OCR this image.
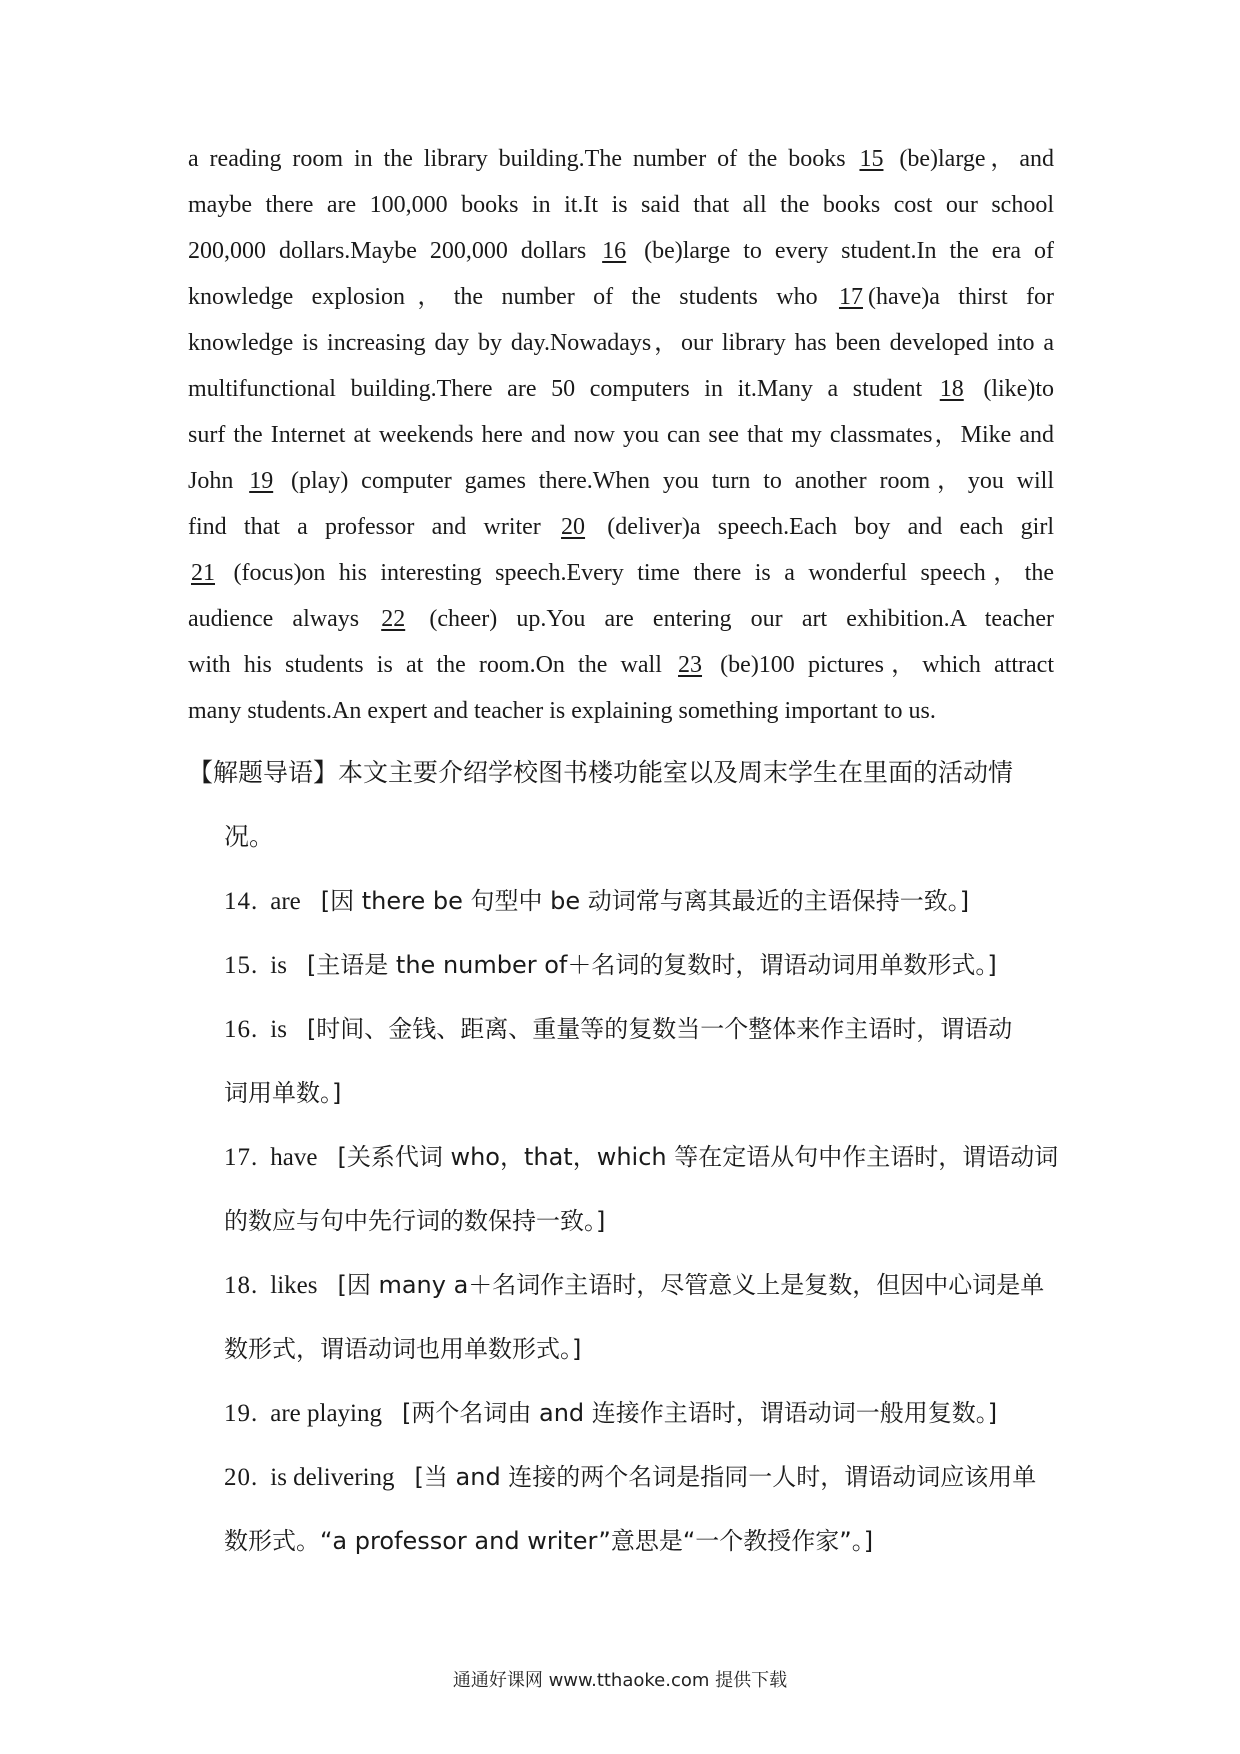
a reading room in the library building.The number of the books 15 (be)large，and
maybe there are 100,000 books in it.It is said that all the books cost our school
200,000 dollars.Maybe 200,000 dollars 16 (be)large to every student.In the era of
knowledge explosion，the number of the students who 17 (have)a thirst for
knowledge is increasing day by day.Nowadays，our library has been developed into a
multifunctional building.There are 50 computers in it.Many a student 18 (like)to
surf the Internet at weekends here and now you can see that my classmates，Mike and
John 19 (play) computer games there.When you turn to another room，you will
find that a professor and writer 20 (deliver)a speech.Each boy and each girl
21 (focus)on his interesting speech.Every time there is a wonderful speech，the
audience always 22 (cheer) up.You are entering our art exhibition.A teacher
with his students is at the room.On the wall 23 (be)100 pictures，which attract
many students.An expert and teacher is explaining something important to us.
【解题导语】本文主要介绍学校图书楼功能室以及周末学生在里面的活动情
况。
14. are [因 there be 句型中 be 动词常与离其最近的主语保持一致。]
15. is [主语是 the number of＋名词的复数时，谓语动词用单数形式。]
16. is [时间、金钱、距离、重量等的复数当一个整体来作主语时，谓语动
词用单数。]
17. have [关系代词 who，that，which 等在定语从句中作主语时，谓语动词
的数应与句中先行词的数保持一致。]
18. likes [因 many a＋名词作主语时，尽管意义上是复数，但因中心词是单
数形式，谓语动词也用单数形式。]
19. are playing [两个名词由 and 连接作主语时，谓语动词一般用复数。]
20. is delivering [当 and 连接的两个名词是指同一人时，谓语动词应该用单
数形式。“a professor and writer”意思是“一个教授作家”。]
通通好课网 www.tthaoke.com 提供下载
